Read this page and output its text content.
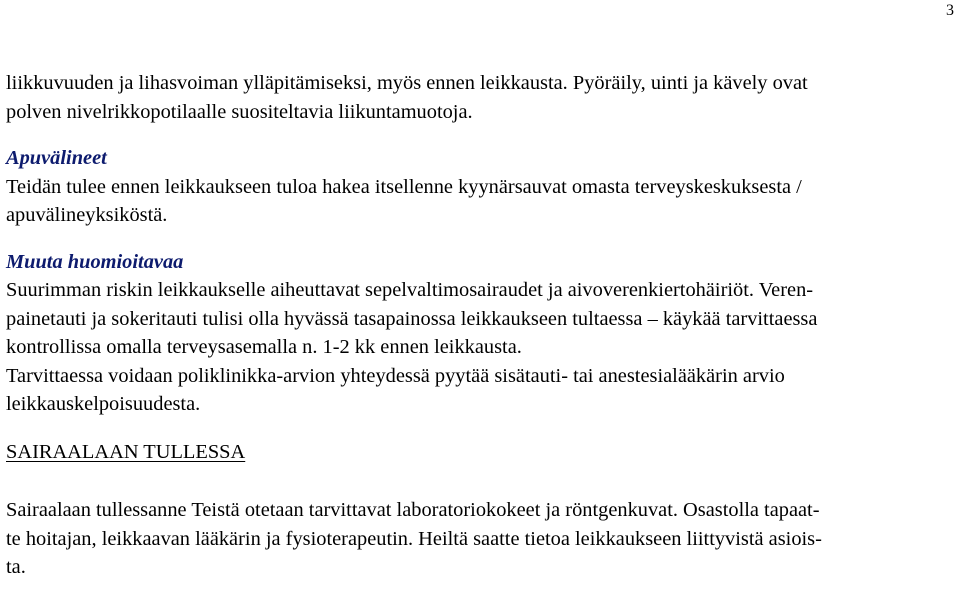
3

liikkuvuuden ja lihasvoiman ylläpitämiseksi, myös ennen leikkausta. Pyöräily, uinti ja kävely ovat
polven nivelrikkopotilaalle suositeltavia liikuntamuotoja.

Apuvälineet

Teidän tulee ennen leikkaukseen tuloa hakea itsellenne kyynärsauvat omasta terveyskeskuksesta /
apuvälineyksiköstä.

Muuta huomioitavaa

Suurimman riskin leikkaukselle aiheuttavat sepelvaltimosairaudet ja aivoverenkiertohäiriöt. Veren-
painetauti ja sokeritauti tulisi olla hyvässä tasapainossa leikkaukseen tultaessa – käykää tarvittaessa
kontrollissa omalla terveysasemalla n. 1-2 kk ennen leikkausta.
Tarvittaessa voidaan poliklinikka-arvion yhteydessä pyytää sisätauti- tai anestesialääkärin arvio
leikkauskelpoisuudesta.

SAIRAALAAN TULLESSA

Sairaalaan tullessanne Teistä otetaan tarvittavat laboratoriokokeet ja röntgenkuvat. Osastolla tapaat-
te hoitajan, leikkaavan lääkärin ja fysioterapeutin. Heiltä saatte tietoa leikkaukseen liittyvistä asiois-
ta.
